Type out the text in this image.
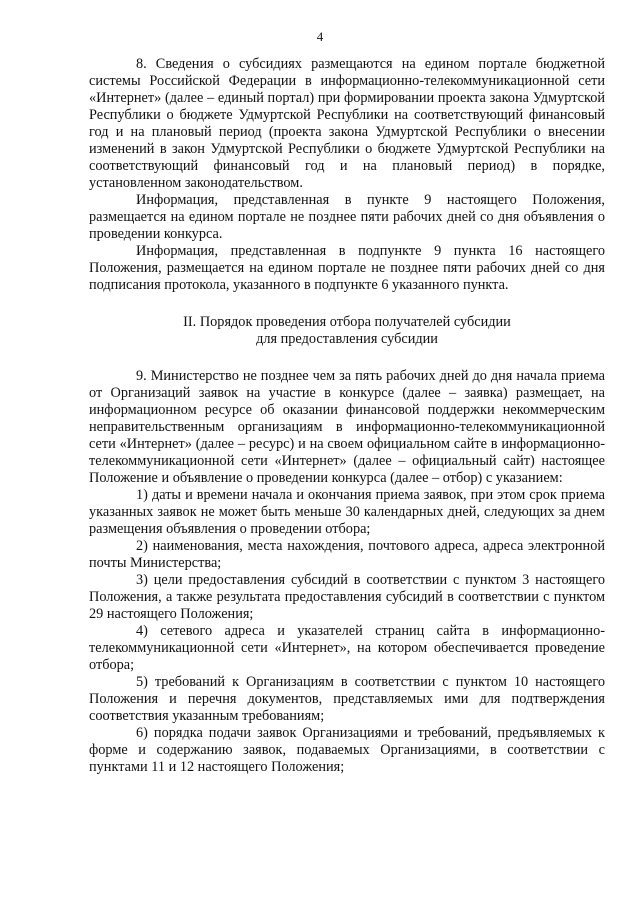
4

8. Сведения о субсидиях размещаются на едином портале бюджетной системы Российской Федерации в информационно-телекоммуникационной сети «Интернет» (далее – единый портал) при формировании проекта закона Удмуртской Республики о бюджете Удмуртской Республики на соответствующий финансовый год и на плановый период (проекта закона Удмуртской Республики о внесении изменений в закон Удмуртской Республики о бюджете Удмуртской Республики на соответствующий финансовый год и на плановый период) в порядке, установленном законодательством.

Информация, представленная в пункте 9 настоящего Положения, размещается на едином портале не позднее пяти рабочих дней со дня объявления о проведении конкурса.

Информация, представленная в подпункте 9 пункта 16 настоящего Положения, размещается на едином портале не позднее пяти рабочих дней со дня подписания протокола, указанного в подпункте 6 указанного пункта.

II. Порядок проведения отбора получателей субсидии
для предоставления субсидии

9. Министерство не позднее чем за пять рабочих дней до дня начала приема от Организаций заявок на участие в конкурсе (далее – заявка) размещает, на информационном ресурсе об оказании финансовой поддержки некоммерческим неправительственным организациям в информационно-телекоммуникационной сети «Интернет» (далее – ресурс) и на своем официальном сайте в информационно-телекоммуникационной сети «Интернет» (далее – официальный сайт) настоящее Положение и объявление о проведении конкурса (далее – отбор) с указанием:

1) даты и времени начала и окончания приема заявок, при этом срок приема указанных заявок не может быть меньше 30 календарных дней, следующих за днем размещения объявления о проведении отбора;

2) наименования, места нахождения, почтового адреса, адреса электронной почты Министерства;

3) цели предоставления субсидий в соответствии с пунктом 3 настоящего Положения, а также результата предоставления субсидий в соответствии с пунктом 29 настоящего Положения;

4) сетевого адреса и указателей страниц сайта в информационно-телекоммуникационной сети «Интернет», на котором обеспечивается проведение отбора;

5) требований к Организациям в соответствии с пунктом 10 настоящего Положения и перечня документов, представляемых ими для подтверждения соответствия указанным требованиям;

6) порядка подачи заявок Организациями и требований, предъявляемых к форме и содержанию заявок, подаваемых Организациями, в соответствии с пунктами 11 и 12 настоящего Положения;
